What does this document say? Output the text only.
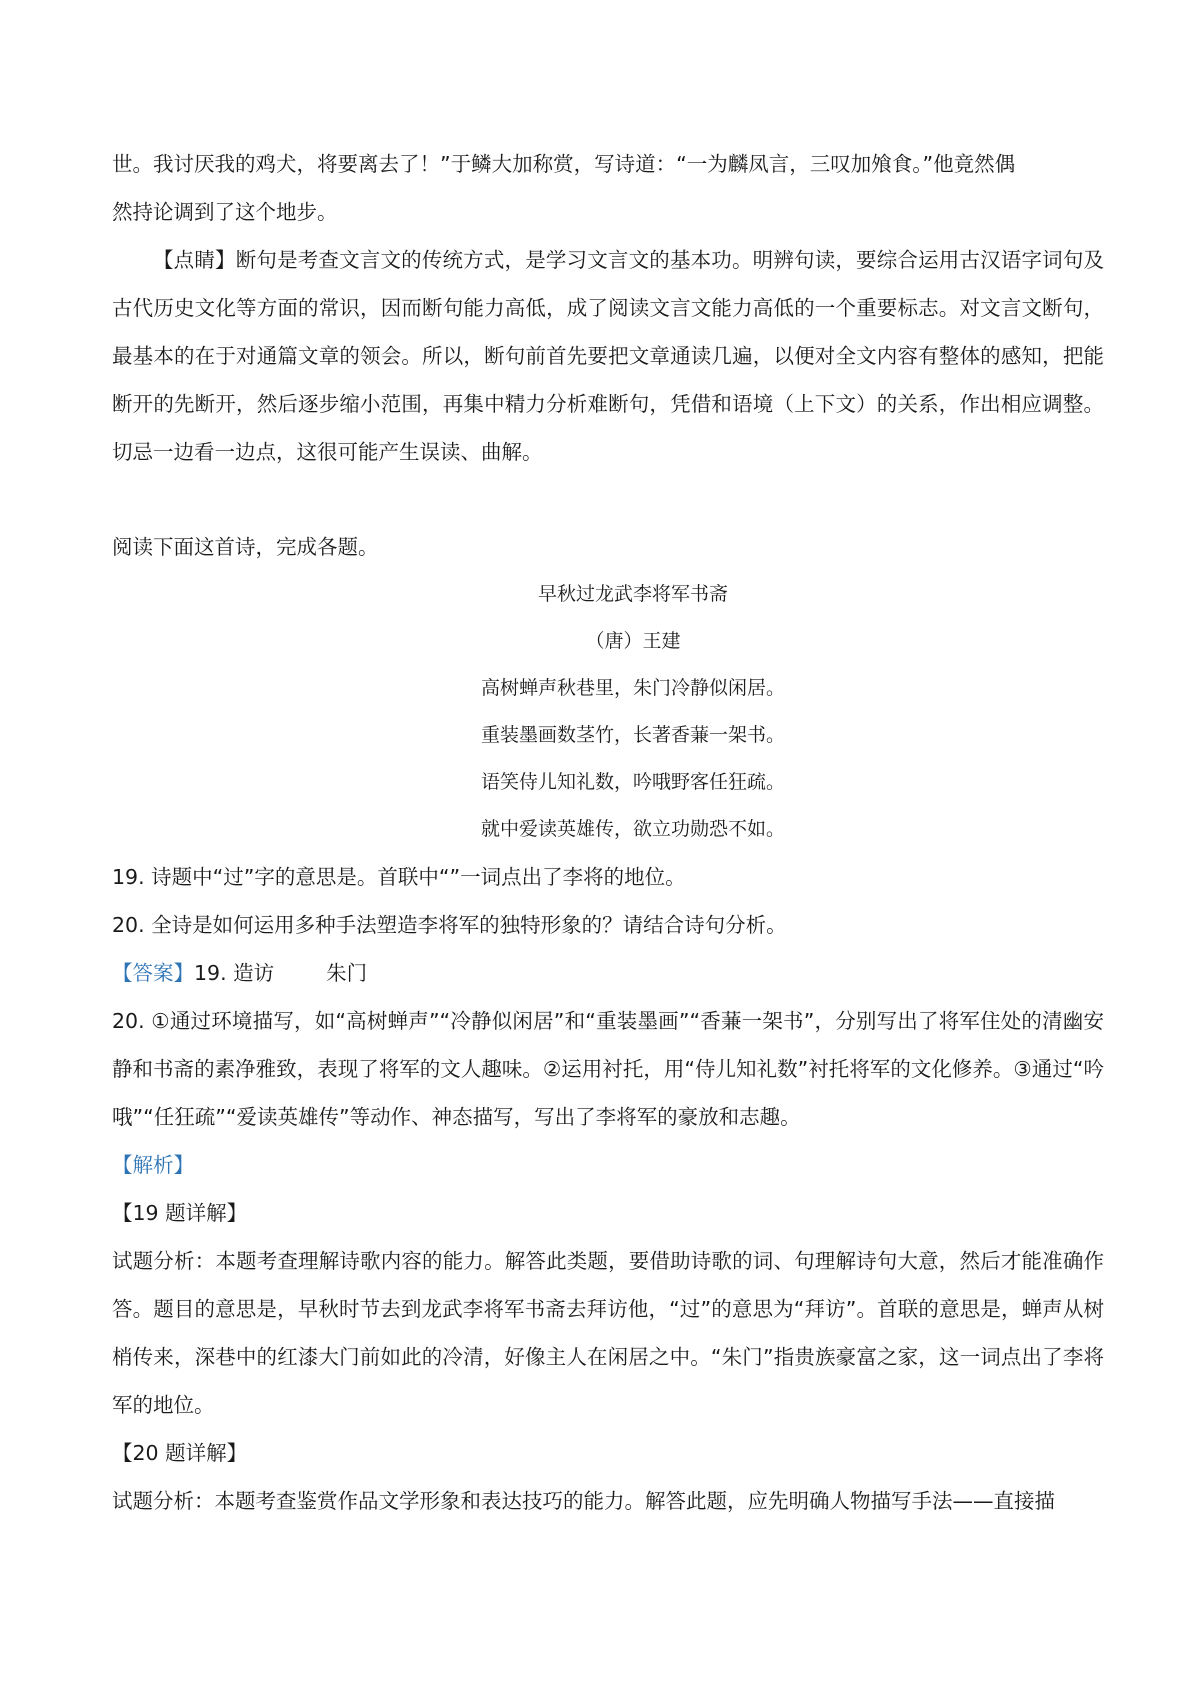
世。我讨厌我的鸡犬，将要离去了！”于鳞大加称赏，写诗道：“一为麟凤言，三叹加飧食。”他竟然偶

然持论调到了这个地步。

【点睛】断句是考查文言文的传统方式，是学习文言文的基本功。明辨句读，要综合运用古汉语字词句及古代历史文化等方面的常识，因而断句能力高低，成了阅读文言文能力高低的一个重要标志。对文言文断句，最基本的在于对通篇文章的领会。所以，断句前首先要把文章通读几遍，以便对全文内容有整体的感知，把能断开的先断开，然后逐步缩小范围，再集中精力分析难断句，凭借和语境（上下文）的关系，作出相应调整。切忌一边看一边点，这很可能产生误读、曲解。

阅读下面这首诗，完成各题。

早秋过龙武李将军书斋
（唐）王建
高树蝉声秋巷里，朱门冷静似闲居。
重装墨画数茎竹，长著香蒹一架书。
语笑侍儿知礼数，吟哦野客任狂疏。
就中爱读英雄传，欲立功勋恐不如。

19. 诗题中“过”字的意思是。首联中“”一词点出了李将的地位。

20. 全诗是如何运用多种手法塑造李将军的独特形象的？请结合诗句分析。

【答案】19. 造访	朱门

20. ①通过环境描写，如“高树蝉声”“冷静似闲居”和“重装墨画”“香蒹一架书”，分别写出了将军住处的清幽安静和书斋的素净雅致，表现了将军的文人趣味。②运用衬托，用“侍儿知礼数”衬托将军的文化修养。③通过“吟哦”“任狂疏”“爱读英雄传”等动作、神态描写，写出了李将军的豪放和志趣。

【解析】

【19 题详解】

试题分析：本题考查理解诗歌内容的能力。解答此类题，要借助诗歌的词、句理解诗句大意，然后才能准确作答。题目的意思是，早秋时节去到龙武李将军书斋去拜访他，“过”的意思为“拜访”。首联的意思是，蝉声从树梢传来，深巷中的红漆大门前如此的冷清，好像主人在闲居之中。“朱门”指贵族豪富之家，这一词点出了李将军的地位。

【20 题详解】

试题分析：本题考查鉴赏作品文学形象和表达技巧的能力。解答此题，应先明确人物描写手法——直接描
